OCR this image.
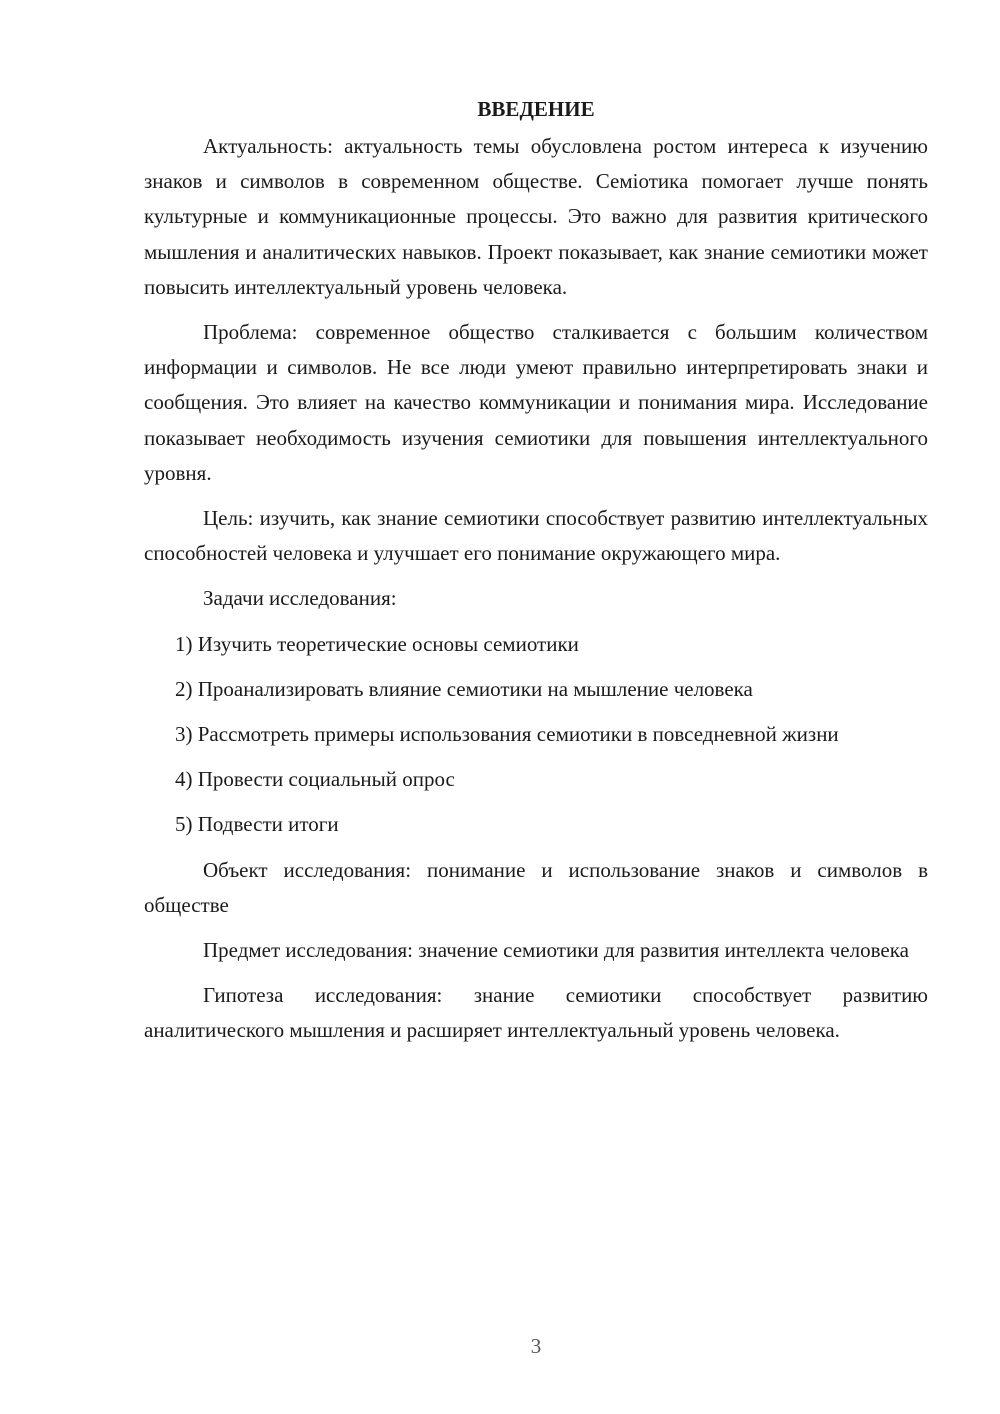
ВВЕДЕНИЕ

Актуальность: актуальность темы обусловлена ростом интереса к изучению знаков и символов в современном обществе. Семiотика помогает лучше понять культурные и коммуникационные процессы. Это важно для развития критического мышления и аналитических навыков. Проект показывает, как знание семиотики может повысить интеллектуальный уровень человека.

Проблема: современное общество сталкивается с большим количеством информации и символов. Не все люди умеют правильно интерпретировать знаки и сообщения. Это влияет на качество коммуникации и понимания мира. Исследование показывает необходимость изучения семиотики для повышения интеллектуального уровня.

Цель: изучить, как знание семиотики способствует развитию интеллектуальных способностей человека и улучшает его понимание окружающего мира.

Задачи исследования:

1) Изучить теоретические основы семиотики

2) Проанализировать влияние семиотики на мышление человека

3) Рассмотреть примеры использования семиотики в повседневной жизни

4) Провести социальный опрос

5) Подвести итоги

Объект исследования: понимание и использование знаков и символов в обществе

Предмет исследования: значение семиотики для развития интеллекта человека

Гипотеза исследования: знание семиотики способствует развитию аналитического мышления и расширяет интеллектуальный уровень человека.

3
